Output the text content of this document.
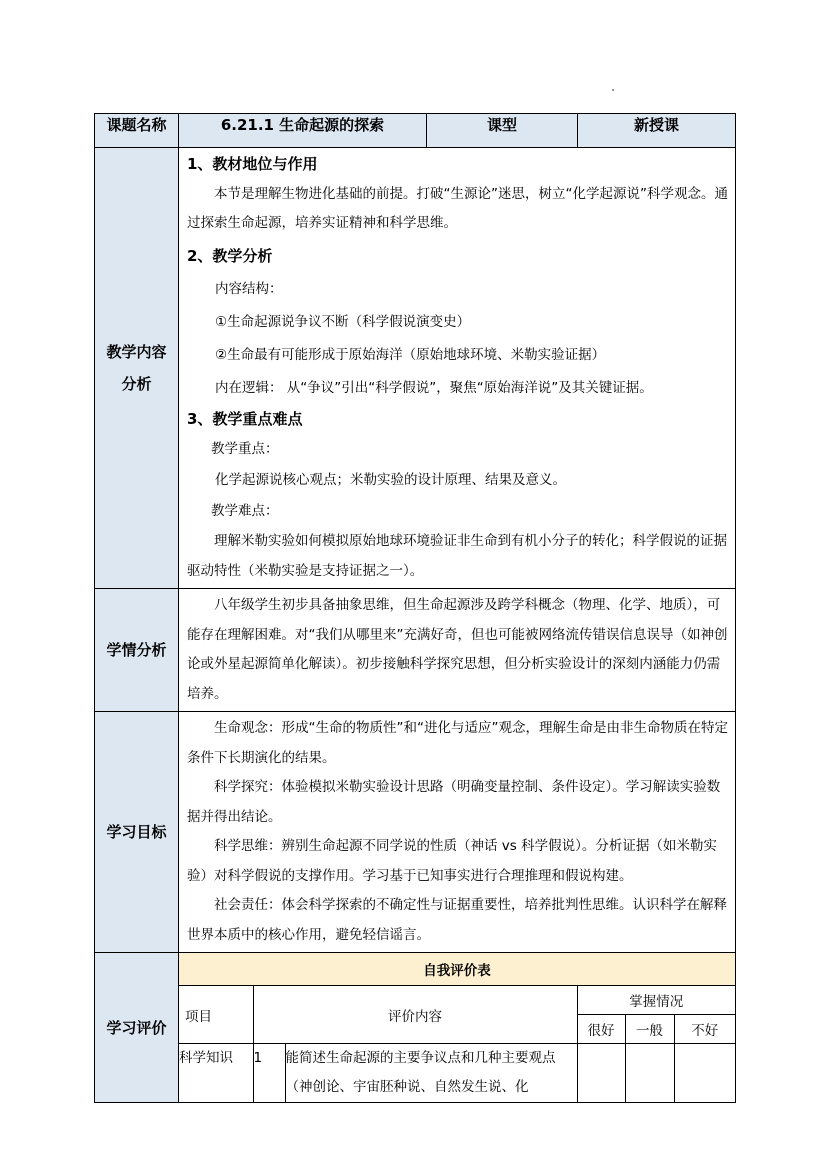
课题名称	6.21.1 生命起源的探索	课型	新授课
教学内容分析	

1、教材地位与作用

本节是理解生物进化基础的前提。打破“生源论”迷思，树立“化学起源说”科学观念。通过探索生命起源，培养实证精神和科学思维。

2、教学分析

内容结构：

①生命起源说争议不断（科学假说演变史）

②生命最有可能形成于原始海洋（原始地球环境、米勒实验证据）

内在逻辑： 从“争议”引出“科学假说”，聚焦“原始海洋说”及其关键证据。

3、教学重点难点

教学重点：

化学起源说核心观点；米勒实验的设计原理、结果及意义。

教学难点：

理解米勒实验如何模拟原始地球环境验证非生命到有机小分子的转化；科学假说的证据驱动特性（米勒实验是支持证据之一）。

学情分析	

八年级学生初步具备抽象思维，但生命起源涉及跨学科概念（物理、化学、地质），可能存在理解困难。对“我们从哪里来”充满好奇，但也可能被网络流传错误信息误导（如神创论或外星起源简单化解读）。初步接触科学探究思想，但分析实验设计的深刻内涵能力仍需培养。

学习目标	

生命观念：形成“生命的物质性”和“进化与适应”观念，理解生命是由非生命物质在特定条件下长期演化的结果。

科学探究：体验模拟米勒实验设计思路（明确变量控制、条件设定）。学习解读实验数据并得出结论。

科学思维：辨别生命起源不同学说的性质（神话 vs 科学假说）。分析证据（如米勒实验）对科学假说的支撑作用。学习基于已知事实进行合理推理和假说构建。

社会责任：体会科学探索的不确定性与证据重要性，培养批判性思维。认识科学在解释世界本质中的核心作用，避免轻信谣言。

学习评价	
自我评价表
项目	评价内容	掌握情况
很好	一般	不好
科学知识	1	能简述生命起源的主要争议点和几种主要观点（神创论、宇宙胚种说、自然发生说、化			
